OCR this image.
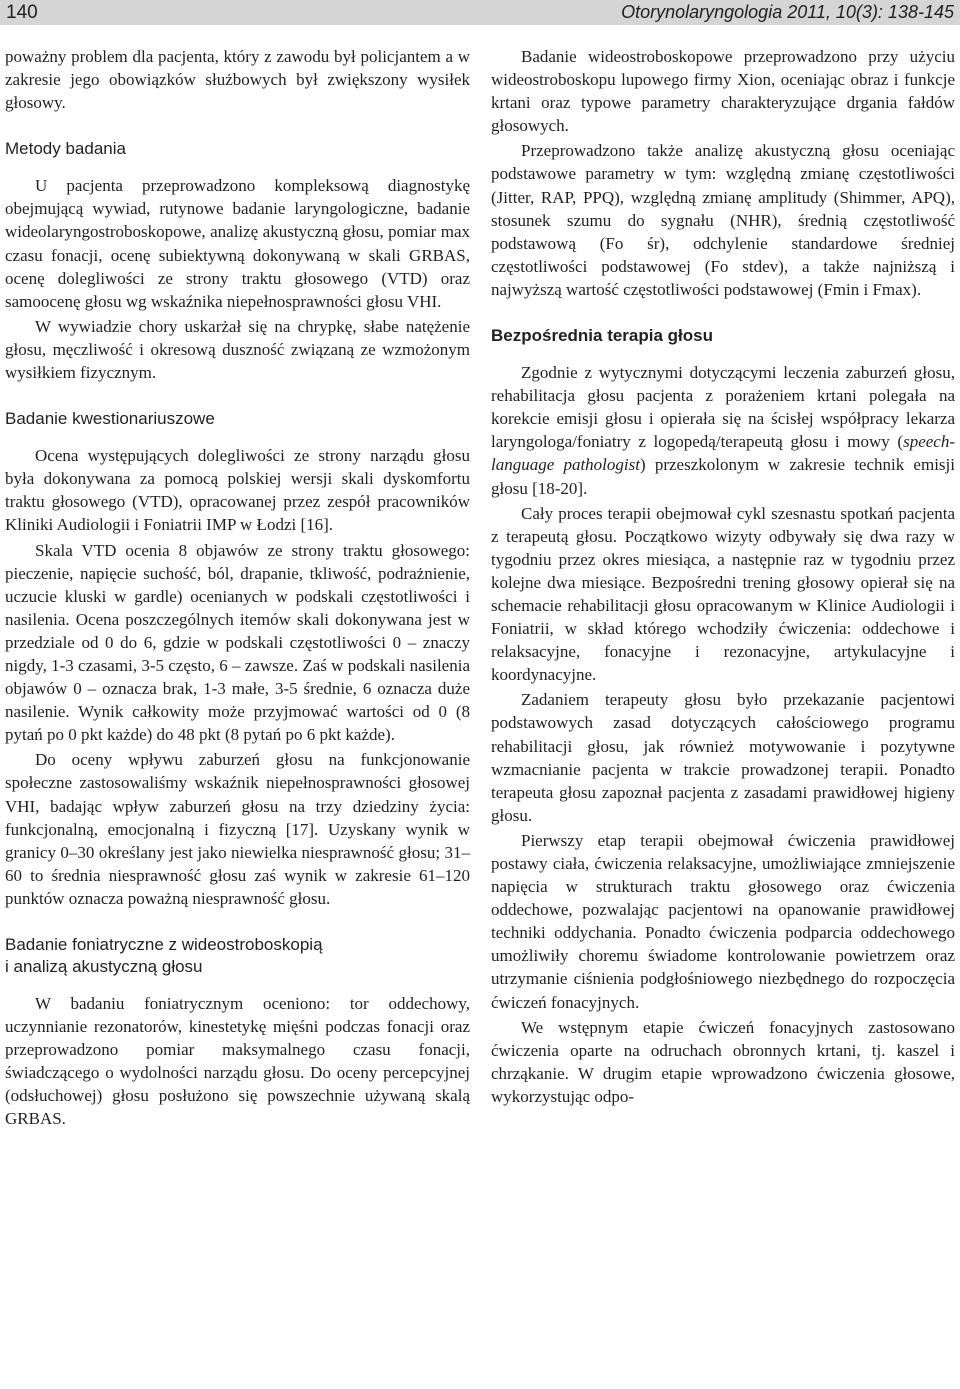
140	Otorynolaryngologia 2011, 10(3): 138-145

poważny problem dla pacjenta, który z zawodu był policjantem a w zakresie jego obowiązków służbowych był zwiększony wysiłek głosowy.

Metody badania

U pacjenta przeprowadzono kompleksową diagnostykę obejmującą wywiad, rutynowe badanie laryngologiczne, badanie wideolaryngostroboskopowe, analizę akustyczną głosu, pomiar max czasu fonacji, ocenę subiektywną dokonywaną w skali GRBAS, ocenę dolegliwości ze strony traktu głosowego (VTD) oraz samoocenę głosu wg wskaźnika niepełnosprawności głosu VHI.

W wywiadzie chory uskarżał się na chrypkę, słabe natężenie głosu, męczliwość i okresową duszność związaną ze wzmożonym wysiłkiem fizycznym.

Badanie kwestionariuszowe

Ocena występujących dolegliwości ze strony narządu głosu była dokonywana za pomocą polskiej wersji skali dyskomfortu traktu głosowego (VTD), opracowanej przez zespół pracowników Kliniki Audiologii i Foniatrii IMP w Łodzi [16].

Skala VTD ocenia 8 objawów ze strony traktu głosowego: pieczenie, napięcie suchość, ból, drapanie, tkliwość, podrażnienie, uczucie kluski w gardle) ocenianych w podskali częstotliwości i nasilenia. Ocena poszczególnych itemów skali dokonywana jest w przedziale od 0 do 6, gdzie w podskali częstotliwości 0 – znaczy nigdy, 1-3 czasami, 3-5 często, 6 – zawsze. Zaś w podskali nasilenia objawów 0 – oznacza brak, 1-3 małe, 3-5 średnie, 6 oznacza duże nasilenie. Wynik całkowity może przyjmować wartości od 0 (8 pytań po 0 pkt każde) do 48 pkt (8 pytań po 6 pkt każde).

Do oceny wpływu zaburzeń głosu na funkcjonowanie społeczne zastosowaliśmy wskaźnik niepełnosprawności głosowej VHI, badając wpływ zaburzeń głosu na trzy dziedziny życia: funkcjonalną, emocjonalną i fizyczną [17]. Uzyskany wynik w granicy 0–30 określany jest jako niewielka niesprawność głosu; 31–60 to średnia niesprawność głosu zaś wynik w zakresie 61–120 punktów oznacza poważną niesprawność głosu.

Badanie foniatryczne z wideostroboskopią
i analizą akustyczną głosu

W badaniu foniatrycznym oceniono: tor oddechowy, uczynnianie rezonatorów, kinestetykę mięśni podczas fonacji oraz przeprowadzono pomiar maksymalnego czasu fonacji, świadczącego o wydolności narządu głosu. Do oceny percepcyjnej (odsłuchowej) głosu posłużono się powszechnie używaną skalą GRBAS.

Badanie wideostroboskopowe przeprowadzono przy użyciu wideostroboskopu lupowego firmy Xion, oceniając obraz i funkcje krtani oraz typowe parametry charakteryzujące drgania fałdów głosowych.

Przeprowadzono także analizę akustyczną głosu oceniając podstawowe parametry w tym: względną zmianę częstotliwości (Jitter, RAP, PPQ), względną zmianę amplitudy (Shimmer, APQ), stosunek szumu do sygnału (NHR), średnią częstotliwość podstawową (Fo śr), odchylenie standardowe średniej częstotliwości podstawowej (Fo stdev), a także najniższą i najwyższą wartość częstotliwości podstawowej (Fmin i Fmax).

Bezpośrednia terapia głosu

Zgodnie z wytycznymi dotyczącymi leczenia zaburzeń głosu, rehabilitacja głosu pacjenta z porażeniem krtani polegała na korekcie emisji głosu i opierała się na ścisłej współpracy lekarza laryngologa/foniatry z logopedą/terapeutą głosu i mowy (speech-language pathologist) przeszkolonym w zakresie technik emisji głosu [18-20].

Cały proces terapii obejmował cykl szesnastu spotkań pacjenta z terapeutą głosu. Początkowo wizyty odbywały się dwa razy w tygodniu przez okres miesiąca, a następnie raz w tygodniu przez kolejne dwa miesiące. Bezpośredni trening głosowy opierał się na schemacie rehabilitacji głosu opracowanym w Klinice Audiologii i Foniatrii, w skład którego wchodziły ćwiczenia: oddechowe i relaksacyjne, fonacyjne i rezonacyjne, artykulacyjne i koordynacyjne.

Zadaniem terapeuty głosu było przekazanie pacjentowi podstawowych zasad dotyczących całościowego programu rehabilitacji głosu, jak również motywowanie i pozytywne wzmacnianie pacjenta w trakcie prowadzonej terapii. Ponadto terapeuta głosu zapoznał pacjenta z zasadami prawidłowej higieny głosu.

Pierwszy etap terapii obejmował ćwiczenia prawidłowej postawy ciała, ćwiczenia relaksacyjne, umożliwiające zmniejszenie napięcia w strukturach traktu głosowego oraz ćwiczenia oddechowe, pozwalając pacjentowi na opanowanie prawidłowej techniki oddychania. Ponadto ćwiczenia podparcia oddechowego umożliwiły choremu świadome kontrolowanie powietrzem oraz utrzymanie ciśnienia podgłośniowego niezbędnego do rozpoczęcia ćwiczeń fonacyjnych.

We wstępnym etapie ćwiczeń fonacyjnych zastosowano ćwiczenia oparte na odruchach obronnych krtani, tj. kaszel i chrząkanie. W drugim etapie wprowadzono ćwiczenia głosowe, wykorzystując odpo-
